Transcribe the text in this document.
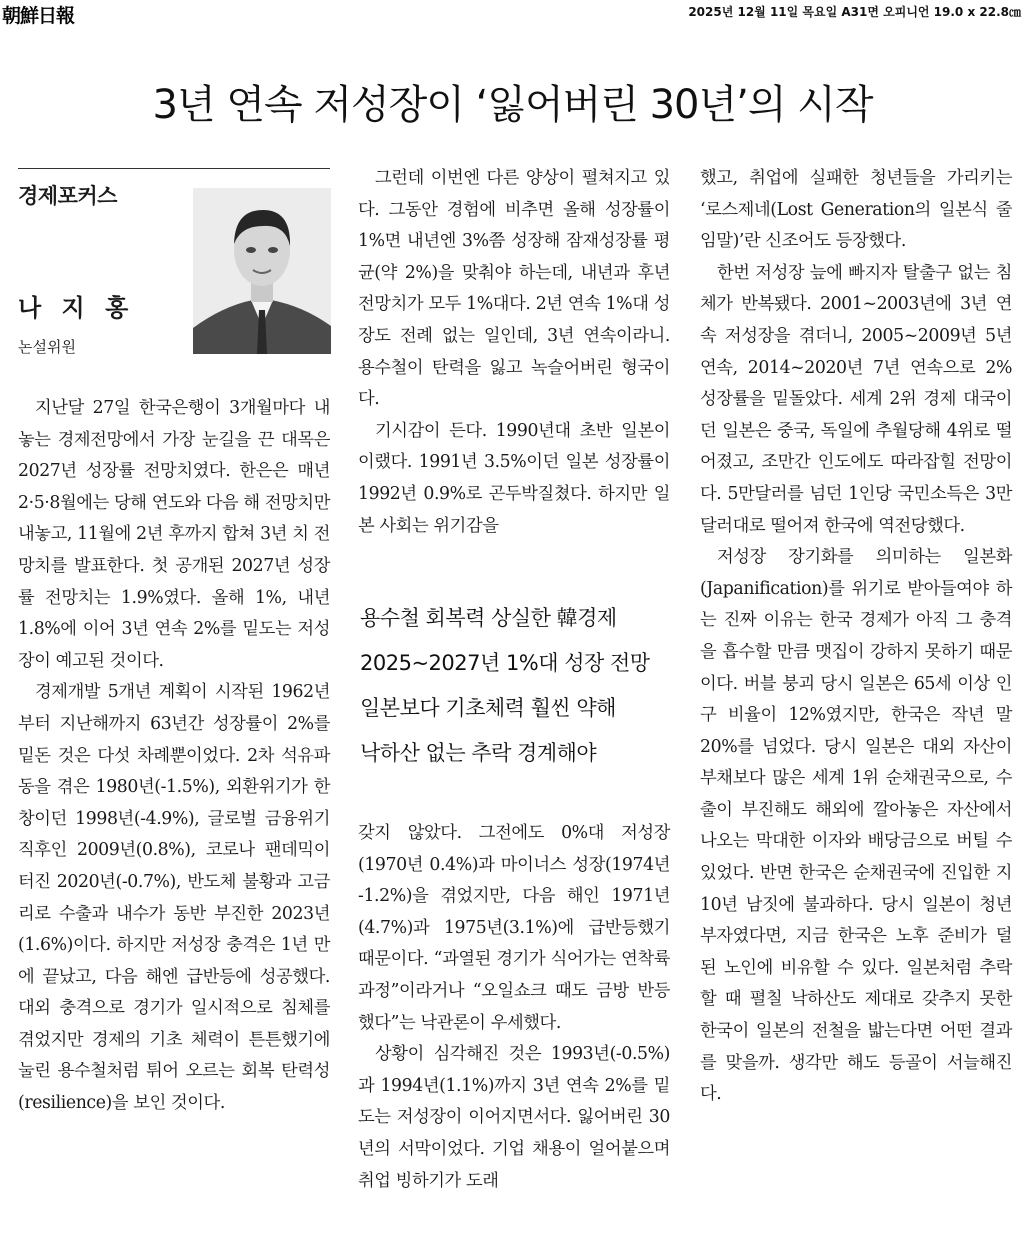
朝鮮日報	2025년 12월 11일 목요일 A31면 오피니언 19.0 x 22.8㎝
3년 연속 저성장이 ‘잃어버린 30년’의 시작
경제포커스
나 지 홍
논설위원

지난달 27일 한국은행이 3개월마다 내놓는 경제전망에서 가장 눈길을 끈 대목은 2027년 성장률 전망치였다. 한은은 매년 2·5·8월에는 당해 연도와 다음 해 전망치만 내놓고, 11월에 2년 후까지 합쳐 3년 치 전망치를 발표한다. 첫 공개된 2027년 성장률 전망치는 1.9%였다. 올해 1%, 내년 1.8%에 이어 3년 연속 2%를 밑도는 저성장이 예고된 것이다.

경제개발 5개년 계획이 시작된 1962년부터 지난해까지 63년간 성장률이 2%를 밑돈 것은 다섯 차례뿐이었다. 2차 석유파동을 겪은 1980년(-1.5%), 외환위기가 한창이던 1998년(-4.9%), 글로벌 금융위기 직후인 2009년(0.8%), 코로나 팬데믹이 터진 2020년(-0.7%), 반도체 불황과 고금리로 수출과 내수가 동반 부진한 2023년(1.6%)이다. 하지만 저성장 충격은 1년 만에 끝났고, 다음 해엔 급반등에 성공했다. 대외 충격으로 경기가 일시적으로 침체를 겪었지만 경제의 기초 체력이 튼튼했기에 눌린 용수철처럼 튀어 오르는 회복 탄력성(resilience)을 보인 것이다.

그런데 이번엔 다른 양상이 펼쳐지고 있다. 그동안 경험에 비추면 올해 성장률이 1%면 내년엔 3%쯤 성장해 잠재성장률 평균(약 2%)을 맞춰야 하는데, 내년과 후년 전망치가 모두 1%대다. 2년 연속 1%대 성장도 전례 없는 일인데, 3년 연속이라니. 용수철이 탄력을 잃고 녹슬어버린 형국이다.

기시감이 든다. 1990년대 초반 일본이 이랬다. 1991년 3.5%이던 일본 성장률이 1992년 0.9%로 곤두박질쳤다. 하지만 일본 사회는 위기감을

용수철 회복력 상실한 韓경제
2025~2027년 1%대 성장 전망
일본보다 기초체력 훨씬 약해
낙하산 없는 추락 경계해야

갖지 않았다. 그전에도 0%대 저성장(1970년 0.4%)과 마이너스 성장(1974년 -1.2%)을 겪었지만, 다음 해인 1971년(4.7%)과 1975년(3.1%)에 급반등했기 때문이다. “과열된 경기가 식어가는 연착륙 과정”이라거나 “오일쇼크 때도 금방 반등했다”는 낙관론이 우세했다.

상황이 심각해진 것은 1993년(-0.5%)과 1994년(1.1%)까지 3년 연속 2%를 밑도는 저성장이 이어지면서다. 잃어버린 30년의 서막이었다. 기업 채용이 얼어붙으며 취업 빙하기가 도래

했고, 취업에 실패한 청년들을 가리키는 ‘로스제네(Lost Generation의 일본식 줄임말)’란 신조어도 등장했다.

한번 저성장 늪에 빠지자 탈출구 없는 침체가 반복됐다. 2001~2003년에 3년 연속 저성장을 겪더니, 2005~2009년 5년 연속, 2014~2020년 7년 연속으로 2% 성장률을 밑돌았다. 세계 2위 경제 대국이던 일본은 중국, 독일에 추월당해 4위로 떨어졌고, 조만간 인도에도 따라잡힐 전망이다. 5만달러를 넘던 1인당 국민소득은 3만달러대로 떨어져 한국에 역전당했다.

저성장 장기화를 의미하는 일본화(Japanification)를 위기로 받아들여야 하는 진짜 이유는 한국 경제가 아직 그 충격을 흡수할 만큼 맷집이 강하지 못하기 때문이다. 버블 붕괴 당시 일본은 65세 이상 인구 비율이 12%였지만, 한국은 작년 말 20%를 넘었다. 당시 일본은 대외 자산이 부채보다 많은 세계 1위 순채권국으로, 수출이 부진해도 해외에 깔아놓은 자산에서 나오는 막대한 이자와 배당금으로 버틸 수 있었다. 반면 한국은 순채권국에 진입한 지 10년 남짓에 불과하다. 당시 일본이 청년 부자였다면, 지금 한국은 노후 준비가 덜 된 노인에 비유할 수 있다. 일본처럼 추락할 때 펼칠 낙하산도 제대로 갖추지 못한 한국이 일본의 전철을 밟는다면 어떤 결과를 맞을까. 생각만 해도 등골이 서늘해진다.
